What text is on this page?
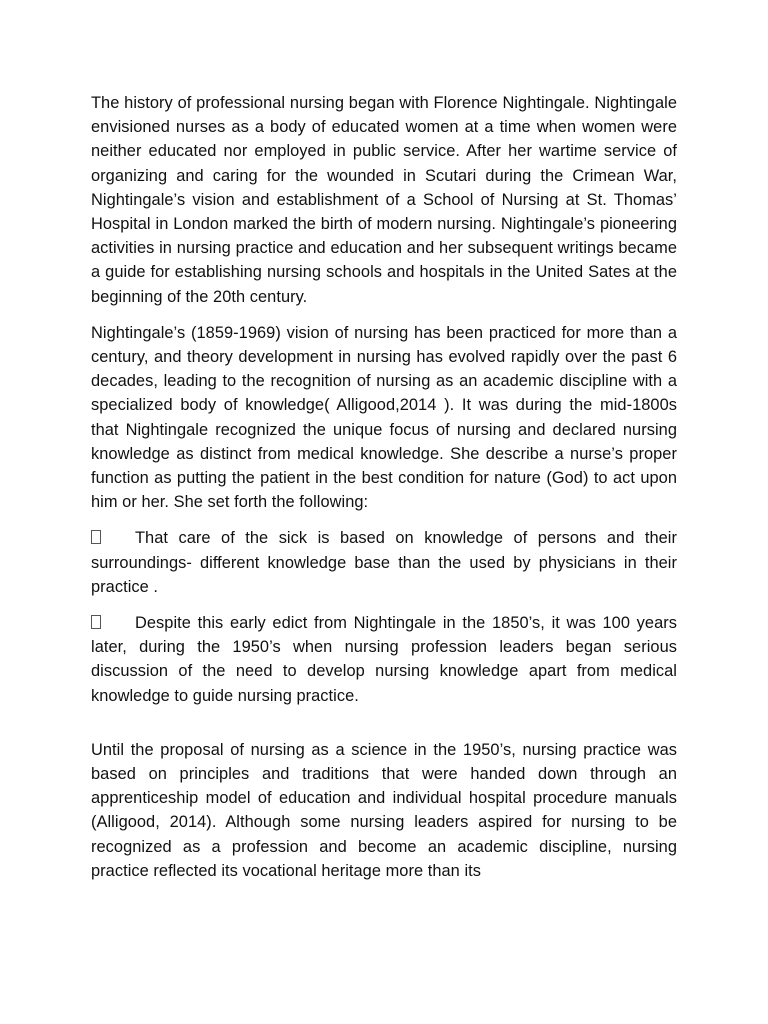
The history of professional nursing began with Florence Nightingale. Nightingale envisioned nurses as a body of educated women at a time when women were neither educated nor employed in public service. After her wartime service of organizing and caring for the wounded in Scutari during the Crimean War, Nightingale’s vision and establishment of a School of Nursing at St. Thomas’ Hospital in London marked the birth of modern nursing. Nightingale’s pioneering activities in nursing practice and education and her subsequent writings became a guide for establishing nursing schools and hospitals in the United Sates at the beginning of the 20th century.

Nightingale’s (1859-1969) vision of nursing has been practiced for more than a century, and theory development in nursing has evolved rapidly over the past 6 decades, leading to the recognition of nursing as an academic discipline with a specialized body of knowledge( Alligood,2014 ). It was during the mid-1800s that Nightingale recognized the unique focus of nursing and declared nursing knowledge as distinct from medical knowledge. She describe a nurse’s proper function as putting the patient in the best condition for nature (God) to act upon him or her. She set forth the following:

That care of the sick is based on knowledge of persons and their surroundings- different knowledge base than the used by physicians in their practice .

Despite this early edict from Nightingale in the 1850’s, it was 100 years later, during the 1950’s when nursing profession leaders began serious discussion of the need to develop nursing knowledge apart from medical knowledge to guide nursing practice.

Until the proposal of nursing as a science in the 1950’s, nursing practice was based on principles and traditions that were handed down through an apprenticeship model of education and individual hospital procedure manuals (Alligood, 2014). Although some nursing leaders aspired for nursing to be recognized as a profession and become an academic discipline, nursing practice reflected its vocational heritage more than its
